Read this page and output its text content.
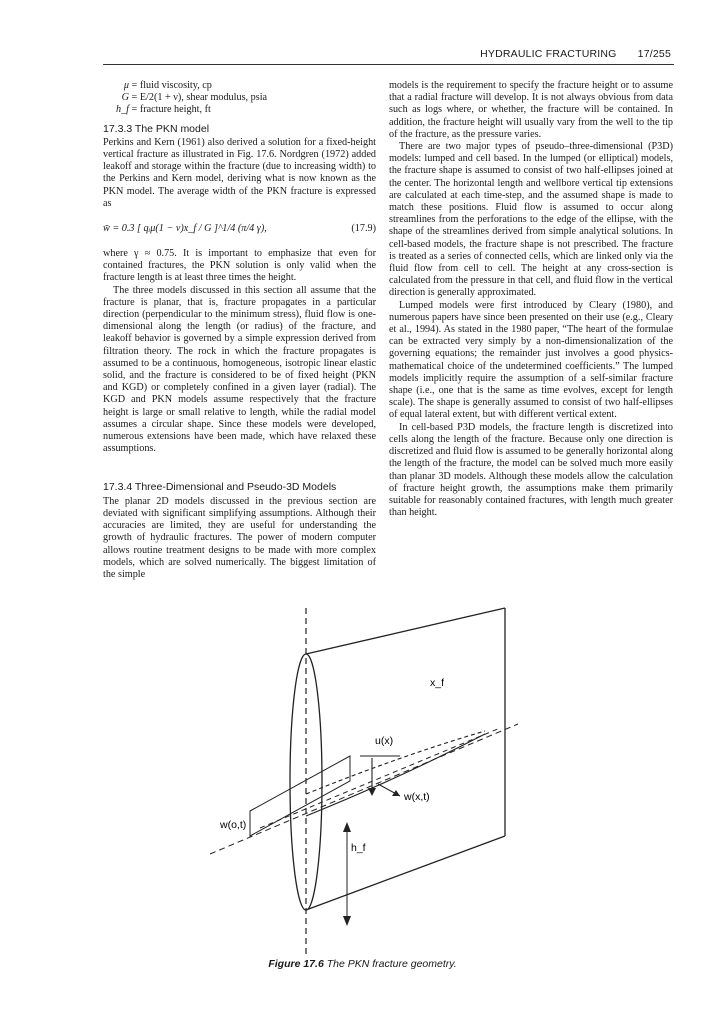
HYDRAULIC FRACTURING 17/255
μ = fluid viscosity, cp
G = E/2(1 + ν), shear modulus, psia
h_f = fracture height, ft
17.3.3 The PKN model

Perkins and Kern (1961) also derived a solution for a fixed-height vertical fracture as illustrated in Fig. 17.6. Nordgren (1972) added leakoff and storage within the fracture (due to increasing width) to the Perkins and Kern model, deriving what is now known as the PKN model. The average width of the PKN fracture is expressed as

w̄ = 0.3 [ qᵢμ(1 − ν)x_f / G ]^1/4 (π/4 γ),	(17.9)

where γ ≈ 0.75. It is important to emphasize that even for contained fractures, the PKN solution is only valid when the fracture length is at least three times the height.

The three models discussed in this section all assume that the fracture is planar, that is, fracture propagates in a particular direction (perpendicular to the minimum stress), fluid flow is one-dimensional along the length (or radius) of the fracture, and leakoff behavior is governed by a simple expression derived from filtration theory. The rock in which the fracture propagates is assumed to be a continuous, homogeneous, isotropic linear elastic solid, and the fracture is considered to be of fixed height (PKN and KGD) or completely confined in a given layer (radial). The KGD and PKN models assume respectively that the fracture height is large or small relative to length, while the radial model assumes a circular shape. Since these models were developed, numerous extensions have been made, which have relaxed these assumptions.

17.3.4 Three-Dimensional and Pseudo-3D Models

The planar 2D models discussed in the previous section are deviated with significant simplifying assumptions. Although their accuracies are limited, they are useful for understanding the growth of hydraulic fractures. The power of modern computer allows routine treatment designs to be made with more complex models, which are solved numerically. The biggest limitation of the simple

models is the requirement to specify the fracture height or to assume that a radial fracture will develop. It is not always obvious from data such as logs where, or whether, the fracture will be contained. In addition, the fracture height will usually vary from the well to the tip of the fracture, as the pressure varies.

There are two major types of pseudo–three-dimensional (P3D) models: lumped and cell based. In the lumped (or elliptical) models, the fracture shape is assumed to consist of two half-ellipses joined at the center. The horizontal length and wellbore vertical tip extensions are calculated at each time-step, and the assumed shape is made to match these positions. Fluid flow is assumed to occur along streamlines from the perforations to the edge of the ellipse, with the shape of the streamlines derived from simple analytical solutions. In cell-based models, the fracture shape is not prescribed. The fracture is treated as a series of connected cells, which are linked only via the fluid flow from cell to cell. The height at any cross-section is calculated from the pressure in that cell, and fluid flow in the vertical direction is generally approximated.

Lumped models were first introduced by Cleary (1980), and numerous papers have since been presented on their use (e.g., Cleary et al., 1994). As stated in the 1980 paper, “The heart of the formulae can be extracted very simply by a non-dimensionalization of the governing equations; the remainder just involves a good physics-mathematical choice of the undetermined coefficients.” The lumped models implicitly require the assumption of a self-similar fracture shape (i.e., one that is the same as time evolves, except for length scale). The shape is generally assumed to consist of two half-ellipses of equal lateral extent, but with different vertical extent.

In cell-based P3D models, the fracture length is discretized into cells along the length of the fracture. Because only one direction is discretized and fluid flow is assumed to be generally horizontal along the length of the fracture, the model can be solved much more easily than planar 3D models. Although these models allow the calculation of fracture height growth, the assumptions make them primarily suitable for reasonably contained fractures, with length much greater than height.

x_f
u(x)
w(x,t)
w(o,t)
h_f
Figure 17.6 The PKN fracture geometry.
